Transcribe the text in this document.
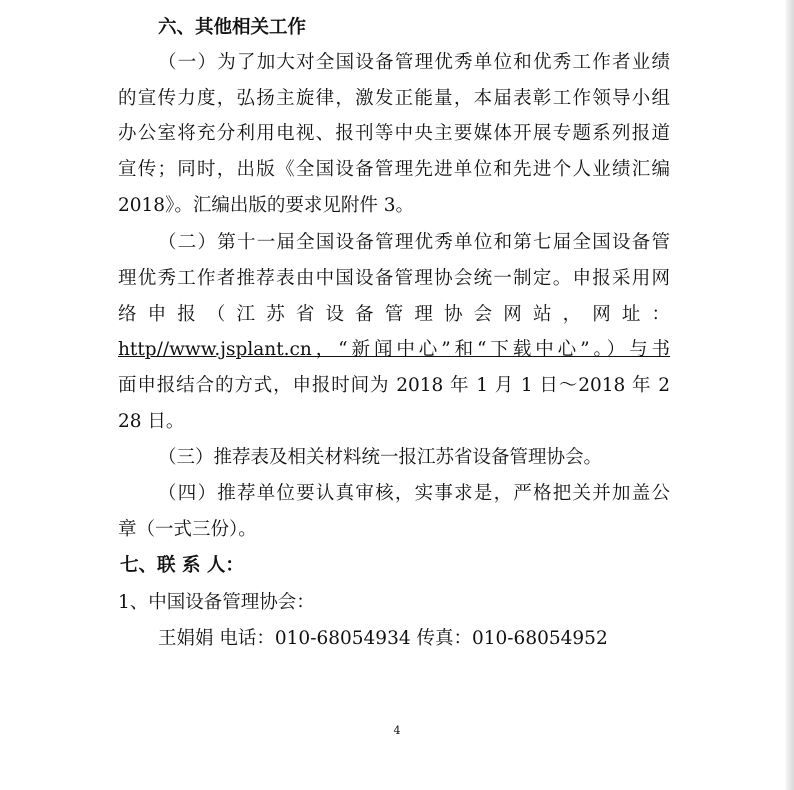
六、其他相关工作
（一）为了加大对全国设备管理优秀单位和优秀工作者业绩
的宣传力度，弘扬主旋律，激发正能量，本届表彰工作领导小组
办公室将充分利用电视、报刊等中央主要媒体开展专题系列报道
宣传；同时，出版《全国设备管理先进单位和先进个人业绩汇编
2018》。汇编出版的要求见附件 3。
（二）第十一届全国设备管理优秀单位和第七届全国设备管
理优秀工作者推荐表由中国设备管理协会统一制定。申报采用网
络 申 报 （ 江 苏 省 设 备 管 理 协 会 网 站 ， 网 址 ：
http//www.jsplant.cn，“新闻中心”和“下载中心”。）与书
面申报结合的方式，申报时间为 2018 年 1 月 1 日～2018 年 2
28 日。
（三）推荐表及相关材料统一报江苏省设备管理协会。
（四）推荐单位要认真审核，实事求是，严格把关并加盖公
章（一式三份）。
七、联 系 人：
1、中国设备管理协会：
王娟娟 电话：010-68054934 传真：010-68054952
4
